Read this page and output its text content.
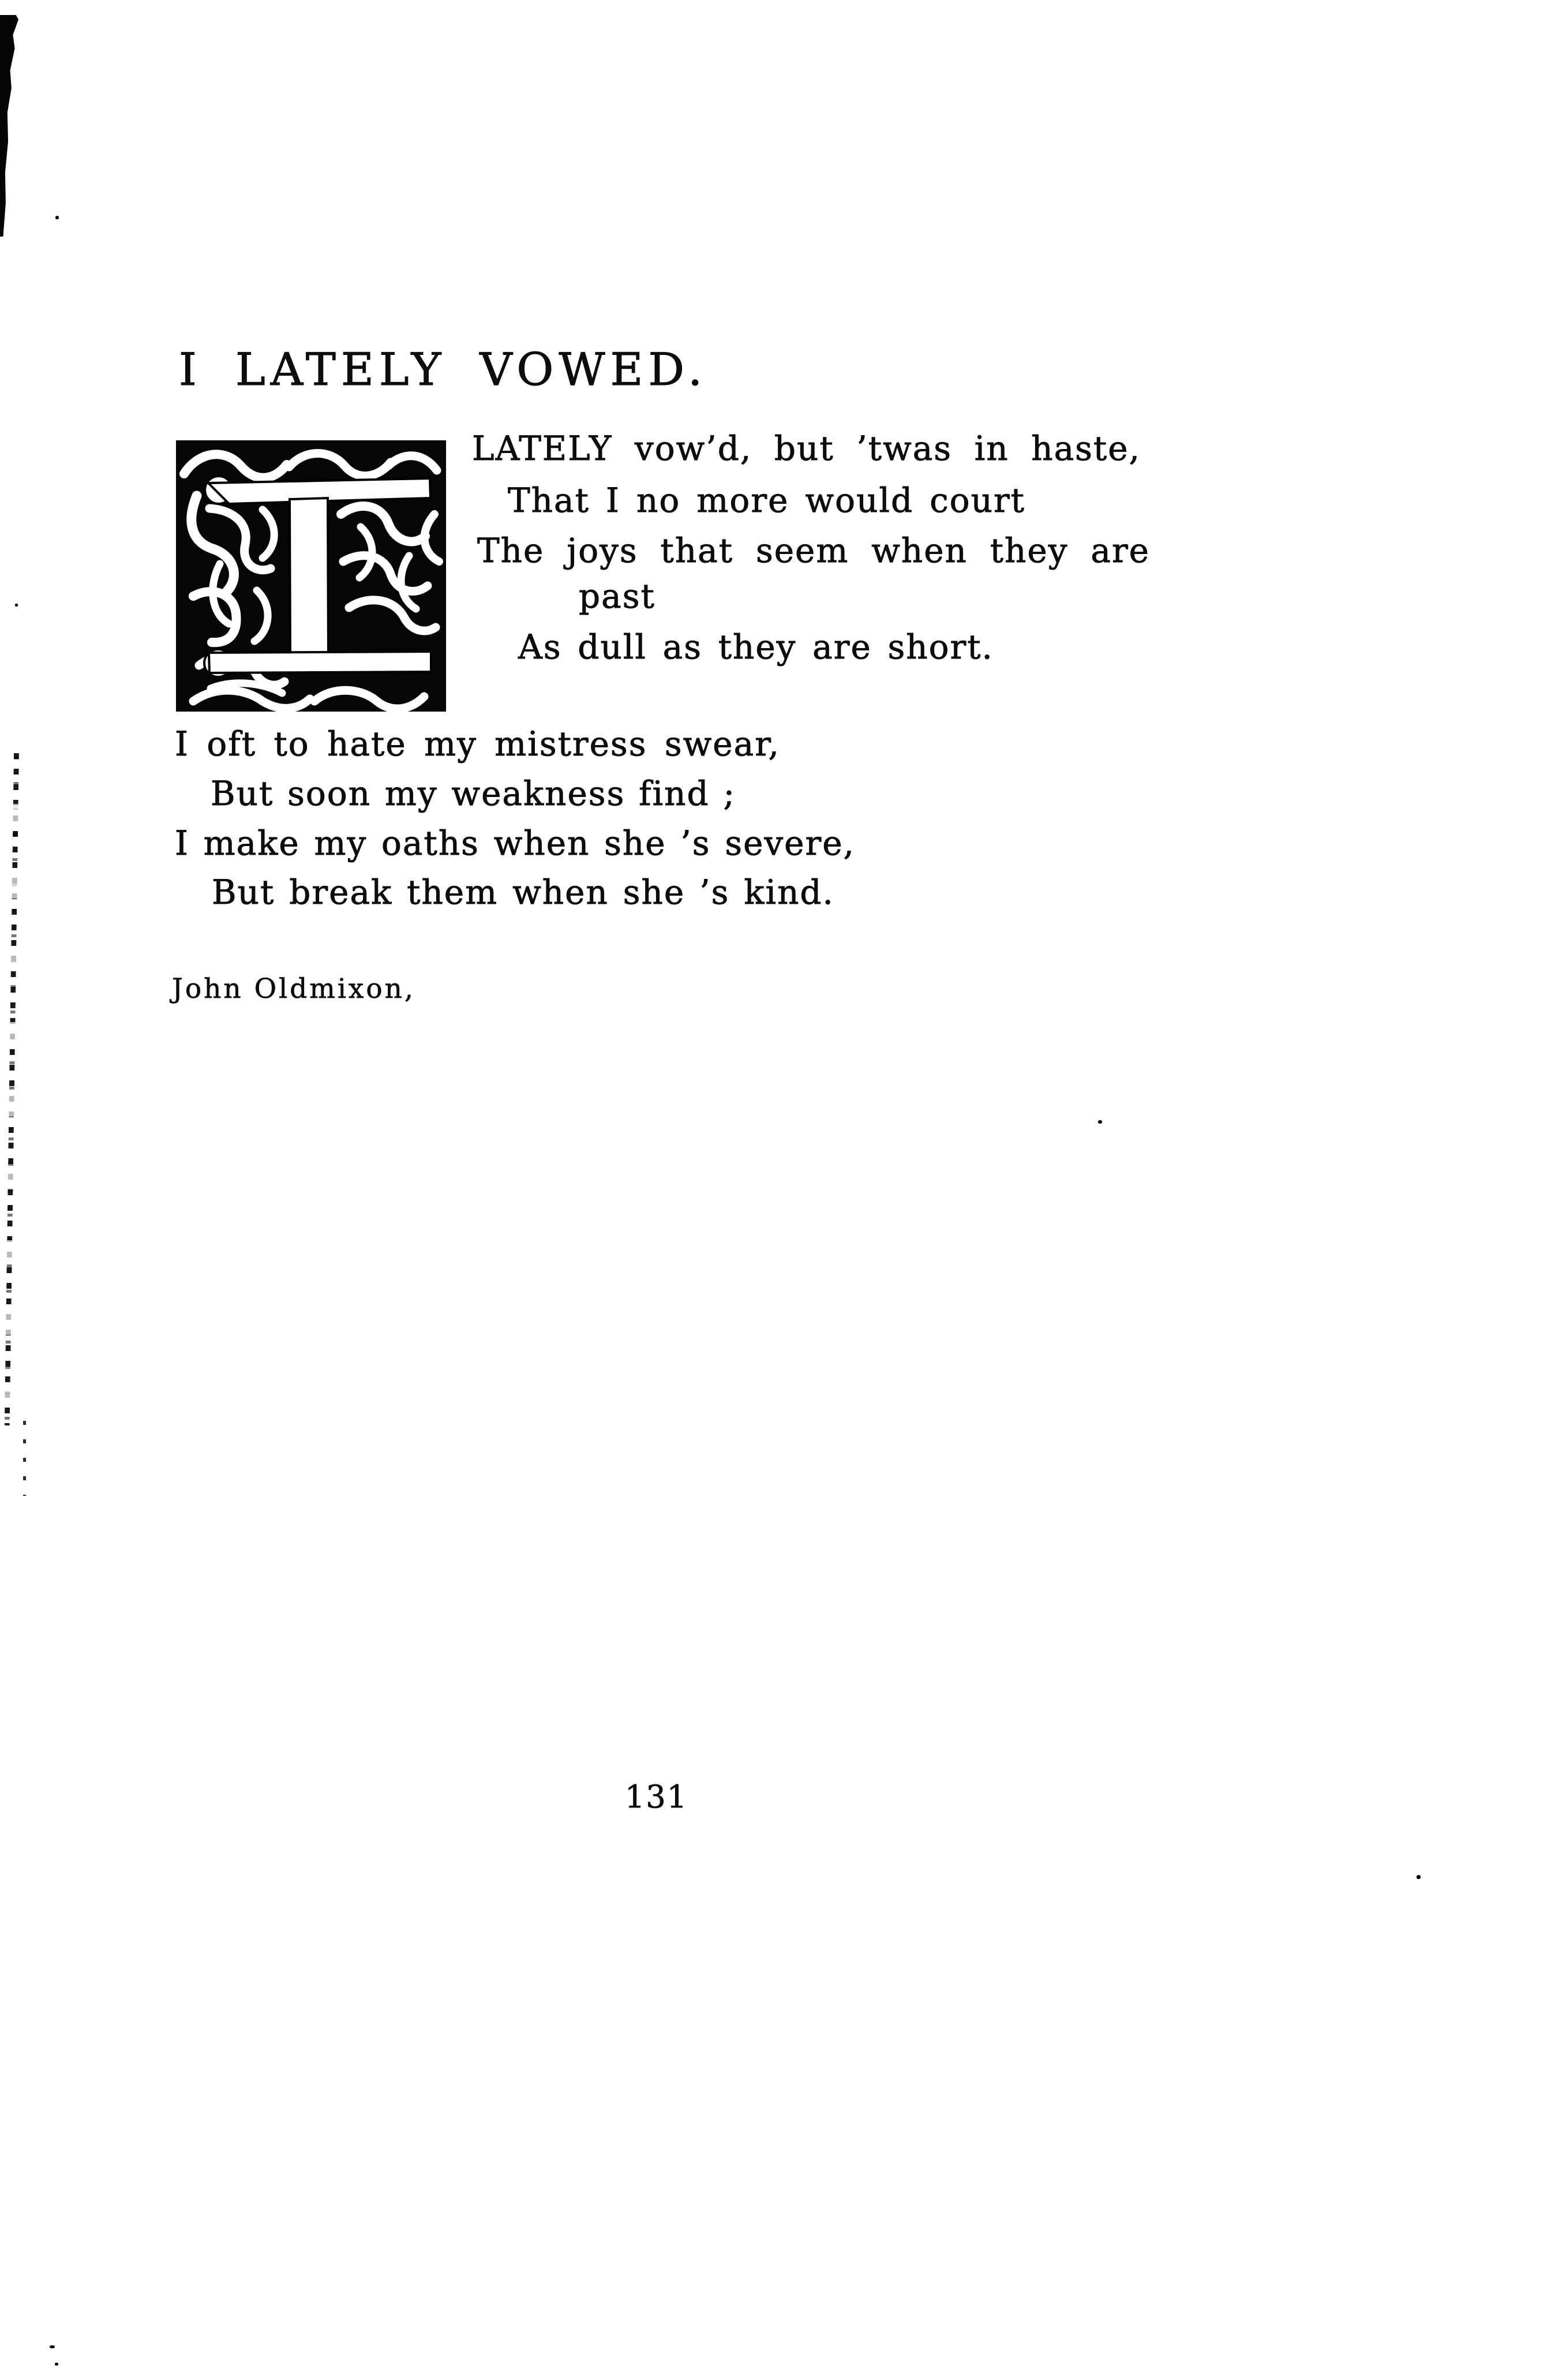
I LATELY VOWED.
LATELY vow’d, but ’twas in haste,
That I no more would court
The joys that seem when they are
past
As dull as they are short.
I oft to hate my mistress swear,
But soon my weakness find ;
I make my oaths when she ’s severe,
But break them when she ’s kind.
John Oldmixon,
131
